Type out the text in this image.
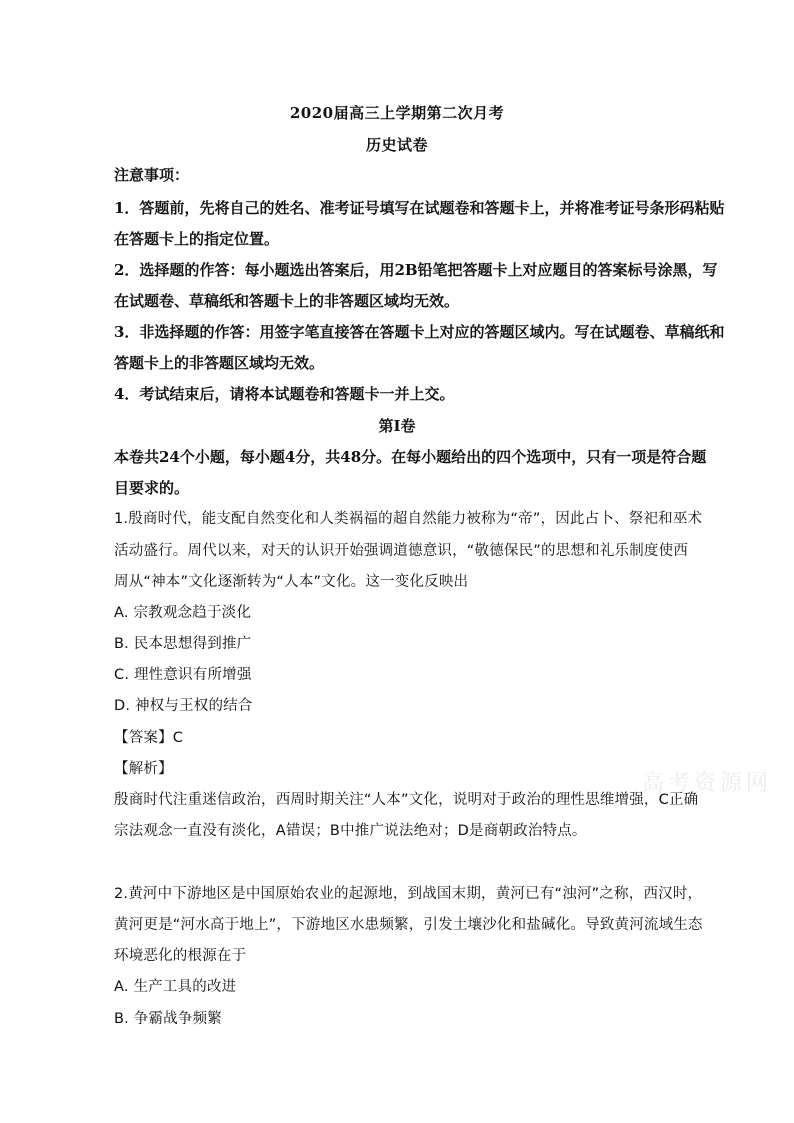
2020届高三上学期第二次月考
历史试卷
注意事项：
1．答题前，先将自己的姓名、准考证号填写在试题卷和答题卡上，并将准考证号条形码粘贴
在答题卡上的指定位置。
2．选择题的作答：每小题选出答案后，用2B铅笔把答题卡上对应题目的答案标号涂黑，写
在试题卷、草稿纸和答题卡上的非答题区域均无效。
3．非选择题的作答：用签字笔直接答在答题卡上对应的答题区域内。写在试题卷、草稿纸和
答题卡上的非答题区域均无效。
4．考试结束后，请将本试题卷和答题卡一并上交。
第Ⅰ卷
本卷共24个小题，每小题4分，共48分。在每小题给出的四个选项中，只有一项是符合题
目要求的。
1.殷商时代，能支配自然变化和人类祸福的超自然能力被称为“帝”，因此占卜、祭祀和巫术
活动盛行。周代以来，对天的认识开始强调道德意识，“敬德保民”的思想和礼乐制度使西
周从“神本”文化逐渐转为“人本”文化。这一变化反映出
A. 宗教观念趋于淡化
B. 民本思想得到推广
C. 理性意识有所增强
D. 神权与王权的结合
【答案】C
【解析】
殷商时代注重迷信政治，西周时期关注“人本”文化，说明对于政治的理性思维增强，C正确
宗法观念一直没有淡化，A错误；B中推广说法绝对；D是商朝政治特点。
2.黄河中下游地区是中国原始农业的起源地，到战国末期，黄河已有“浊河”之称，西汉时，
黄河更是“河水高于地上”，下游地区水患频繁，引发土壤沙化和盐碱化。导致黄河流域生态
环境恶化的根源在于
A. 生产工具的改进
B. 争霸战争频繁
高考资源网
